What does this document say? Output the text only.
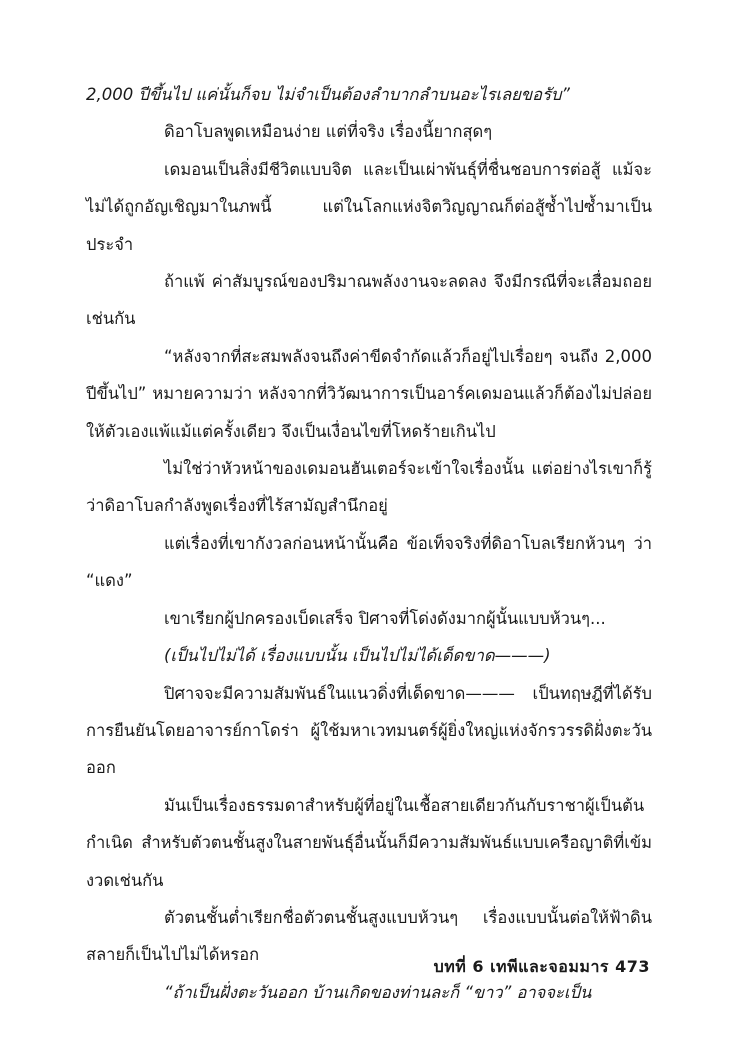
2,000 ปีขึ้นไป แค่นั้นก็จบ ไม่จำเป็นต้องลำบากลำบนอะไรเลยขอรับ”

ดิอาโบลพูดเหมือนง่าย แต่ที่จริง เรื่องนี้ยากสุดๆ

เดมอนเป็นสิ่งมีชีวิตแบบจิต และเป็นเผ่าพันธุ์ที่ชื่นชอบการต่อสู้ แม้จะไม่ได้ถูกอัญเชิญมาในภพนี้ แต่ในโลกแห่งจิตวิญญาณก็ต่อสู้ซ้ำไปซ้ำมาเป็นประจำ

ถ้าแพ้ ค่าสัมบูรณ์ของปริมาณพลังงานจะลดลง จึงมีกรณีที่จะเสื่อมถอยเช่นกัน

“หลังจากที่สะสมพลังจนถึงค่าขีดจำกัดแล้วก็อยู่ไปเรื่อยๆ จนถึง 2,000 ปีขึ้นไป” หมายความว่า หลังจากที่วิวัฒนาการเป็นอาร์คเดมอนแล้วก็ต้องไม่ปล่อยให้ตัวเองแพ้แม้แต่ครั้งเดียว จึงเป็นเงื่อนไขที่โหดร้ายเกินไป

ไม่ใช่ว่าหัวหน้าของเดมอนฮันเตอร์จะเข้าใจเรื่องนั้น แต่อย่างไรเขาก็รู้ว่าดิอาโบลกำลังพูดเรื่องที่ไร้สามัญสำนึกอยู่

แต่เรื่องที่เขากังวลก่อนหน้านั้นคือ ข้อเท็จจริงที่ดิอาโบลเรียกห้วนๆ ว่า “แดง”

เขาเรียกผู้ปกครองเบ็ดเสร็จ ปิศาจที่โด่งดังมากผู้นั้นแบบห้วนๆ...

(เป็นไปไม่ได้ เรื่องแบบนั้น เป็นไปไม่ได้เด็ดขาด———)

ปิศาจจะมีความสัมพันธ์ในแนวดิ่งที่เด็ดขาด——— เป็นทฤษฎีที่ได้รับการยืนยันโดยอาจารย์กาโดร่า ผู้ใช้มหาเวทมนตร์ผู้ยิ่งใหญ่แห่งจักรวรรดิฝั่งตะวันออก

มันเป็นเรื่องธรรมดาสำหรับผู้ที่อยู่ในเชื้อสายเดียวกันกับราชาผู้เป็นต้นกำเนิด สำหรับตัวตนชั้นสูงในสายพันธุ์อื่นนั้นก็มีความสัมพันธ์แบบเครือญาติที่เข้มงวดเช่นกัน

ตัวตนชั้นต่ำเรียกชื่อตัวตนชั้นสูงแบบห้วนๆ เรื่องแบบนั้นต่อให้ฟ้าดินสลายก็เป็นไปไม่ได้หรอก

“ถ้าเป็นฝั่งตะวันออก บ้านเกิดของท่านละก็ “ขาว” อาจจะเป็น

บทที่ 6 เทพีและจอมมาร 473
